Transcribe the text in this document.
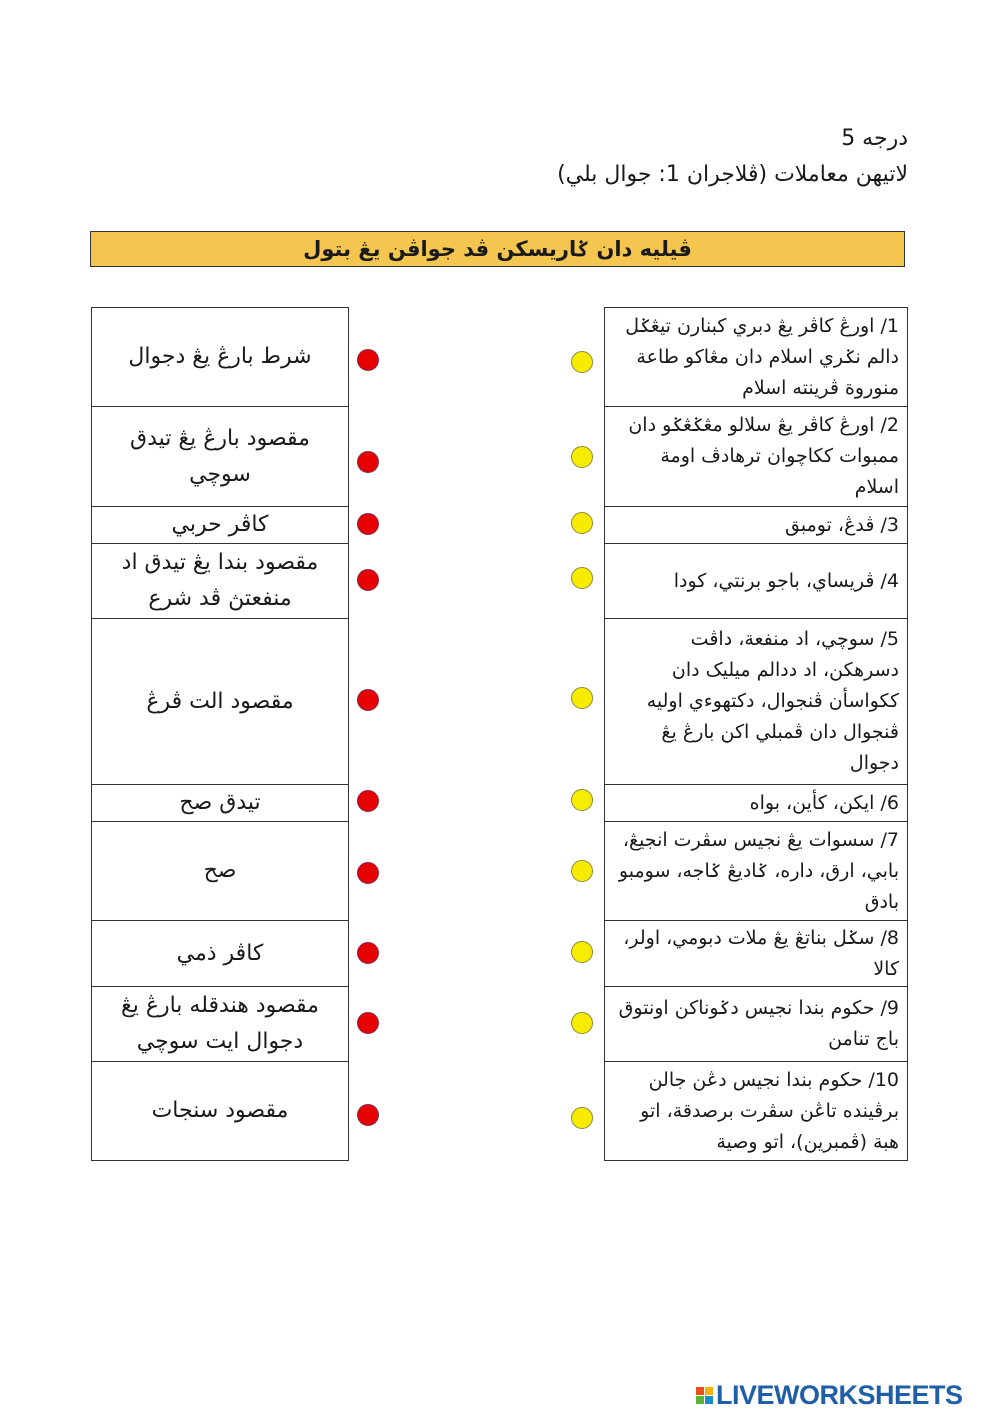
درجه 5
لاتيهن معاملات (ڤلاجران 1: جوال بلي)
ڤيليه دان ݢاريسكن ڤد جواڤن يڠ بتول
شرط بارڠ يڠ دجوال
مقصود بارڠ يڠ تيدق سوچي
كاڤر حربي
مقصود بندا يڠ تيدق اد منفعتڽ ڤد شرع
مقصود الت ڤرڠ
تيدق صح
صح
كاڤر ذمي
مقصود هندقله بارڠ يڠ دجوال ايت سوچي
مقصود سنجات
1/ اورڠ كاڤر يڠ دبري كبنارن تيڠݢل دالم نݢري اسلام دان مڠاكو طاعة منوروة ڤرينته اسلام
2/ اورڠ كاڤر يڠ سلالو مڠݢڠݢو دان ممبوات ككاچوان ترهادڤ اومة اسلام
3/ ڤدڠ، تومبق
4/ ڤريساي، باجو برنتي، كودا
5/ سوچي، اد منفعة، داڤت دسرهكن، اد ددالم ميليک دان ككواسأن ڤنجوال، دكتهوءي اوليه ڤنجوال دان ڤمبلي اكن بارڠ يڠ دجوال
6/ ايكن، كأين، بواه
7/ سسوات يڠ نجيس سڤرت انجيڠ، بابي، ارق، داره، ݢاديڠ ݢاجه، سومبو بادق
8/ سݢل بناتڠ يڠ ملات دبومي، اولر، كالا
9/ حكوم بندا نجيس دݢوناكن اونتوق باج تنامن
10/ حكوم بندا نجيس دڠن جالن برڤينده تاڠن سڤرت برصدقة، اتو هبة (ڤمبرين)، اتو وصية
LIVEWORKSHEETS
